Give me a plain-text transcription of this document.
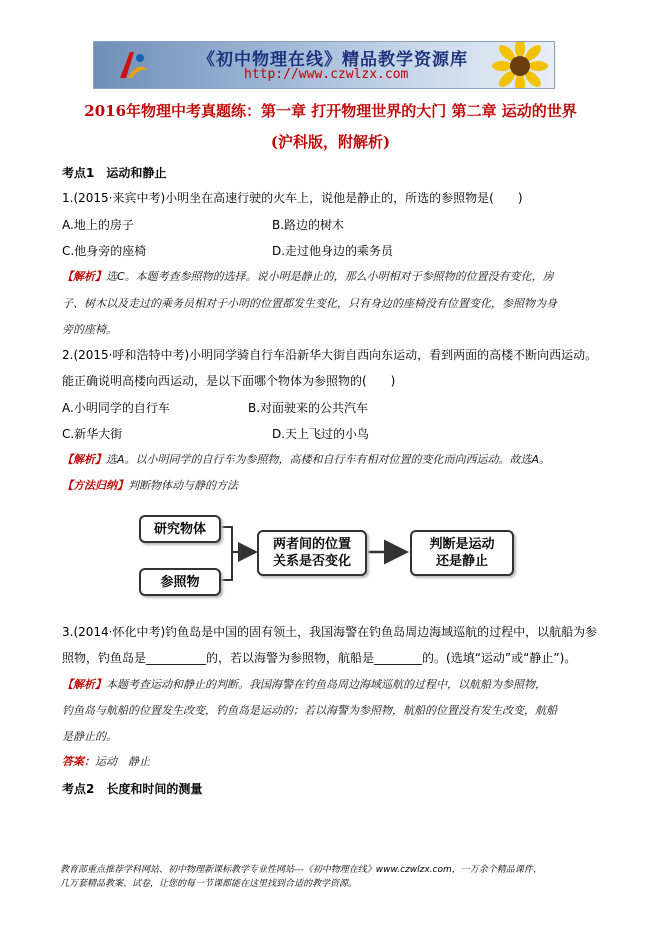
《初中物理在线》精品教学资源库
http://www.czwlzx.com
2016年物理中考真题练：第一章 打开物理世界的大门 第二章 运动的世界
(沪科版，附解析)
考点1　运动和静止
1.(2015·来宾中考)小明坐在高速行驶的火车上，说他是静止的，所选的参照物是(　　)
A.地上的房子	B.路边的树木
C.他身旁的座椅	D.走过他身边的乘务员
【解析】选C。本题考查参照物的选择。说小明是静止的，那么小明相对于参照物的位置没有变化，房
子、树木以及走过的乘务员相对于小明的位置都发生变化，只有身边的座椅没有位置变化，参照物为身
旁的座椅。
2.(2015·呼和浩特中考)小明同学骑自行车沿新华大街自西向东运动，看到两面的高楼不断向西运动。
能正确说明高楼向西运动，是以下面哪个物体为参照物的(　　)
A.小明同学的自行车	B.对面驶来的公共汽车
C.新华大街	D.天上飞过的小鸟
【解析】选A。以小明同学的自行车为参照物，高楼和自行车有相对位置的变化而向西运动。故选A。
【方法归纳】判断物体动与静的方法
研究物体
参照物
两者间的位置
关系是否变化
判断是运动
还是静止
3.(2014·怀化中考)钓鱼岛是中国的固有领土，我国海警在钓鱼岛周边海域巡航的过程中，以航船为参
照物，钓鱼岛是__________的，若以海警为参照物，航船是________的。(选填“运动”或“静止”)。
【解析】本题考查运动和静止的判断。我国海警在钓鱼岛周边海域巡航的过程中，以航船为参照物，
钓鱼岛与航船的位置发生改变，钓鱼岛是运动的；若以海警为参照物，航船的位置没有发生改变，航船
是静止的。
答案：运动　静止
考点2　长度和时间的测量
教育部重点推荐学科网站、初中物理新课标教学专业性网站---《初中物理在线》www.czwlzx.com，一万余个精品课件、
几万套精品教案、试卷，让您的每一节课都能在这里找到合适的教学资源。
